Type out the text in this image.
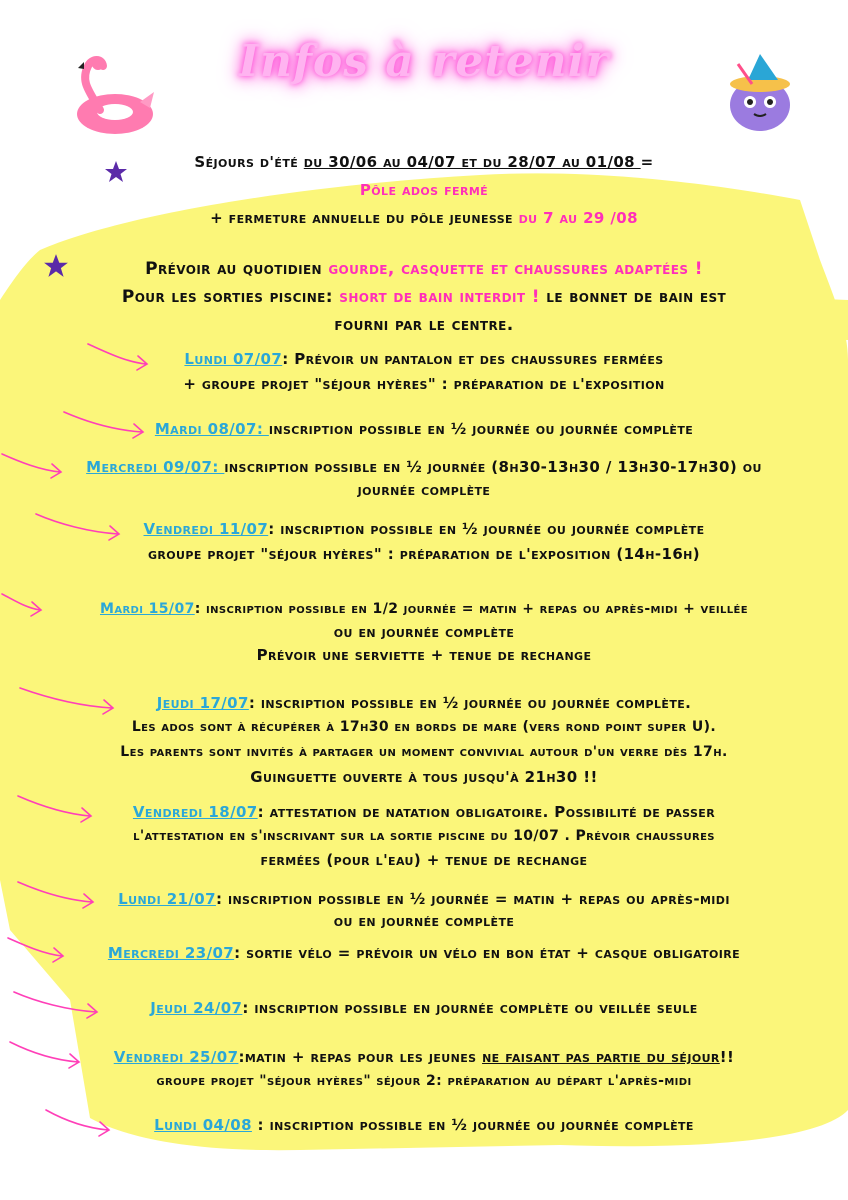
Infos à retenir
Séjours d'été du 30/06 au 04/07 et du 28/07 au 01/08 =
Pôle ados fermé
+ fermeture annuelle du pôle jeunesse du 7 au 29 /08
Prévoir au quotidien gourde, casquette et chaussures adaptées !
Pour les sorties piscine: short de bain interdit ! le bonnet de bain est
fourni par le centre.
Lundi 07/07: Prévoir un pantalon et des chaussures fermées
+ groupe projet "séjour hyères" : préparation de l'exposition
Mardi 08/07: inscription possible en ½ journée ou journée complète
Mercredi 09/07: inscription possible en ½ journée (8h30-13h30 / 13h30-17h30) ou
journée complète
Vendredi 11/07: inscription possible en ½ journée ou journée complète
groupe projet "séjour hyères" : préparation de l'exposition (14h-16h)
Mardi 15/07: inscription possible en 1/2 journée = matin + repas ou après-midi + veillée
ou en journée complète
Prévoir une serviette + tenue de rechange
Jeudi 17/07: inscription possible en ½ journée ou journée complète.
Les ados sont à récupérer à 17h30 en bords de mare (vers rond point super U).
Les parents sont invités à partager un moment convivial autour d'un verre dès 17h.
Guinguette ouverte à tous jusqu'à 21h30 !!
Vendredi 18/07: attestation de natation obligatoire. Possibilité de passer
l'attestation en s'inscrivant sur la sortie piscine du 10/07 . Prévoir chaussures
fermées (pour l'eau) + tenue de rechange
Lundi 21/07: inscription possible en ½ journée = matin + repas ou après-midi
ou en journée complète
Mercredi 23/07: sortie vélo = prévoir un vélo en bon état + casque obligatoire
Jeudi 24/07: inscription possible en journée complète ou veillée seule
Vendredi 25/07:matin + repas pour les jeunes ne faisant pas partie du séjour!!
groupe projet "séjour hyères" séjour 2: préparation au départ l'après-midi
Lundi 04/08 : inscription possible en ½ journée ou journée complète
